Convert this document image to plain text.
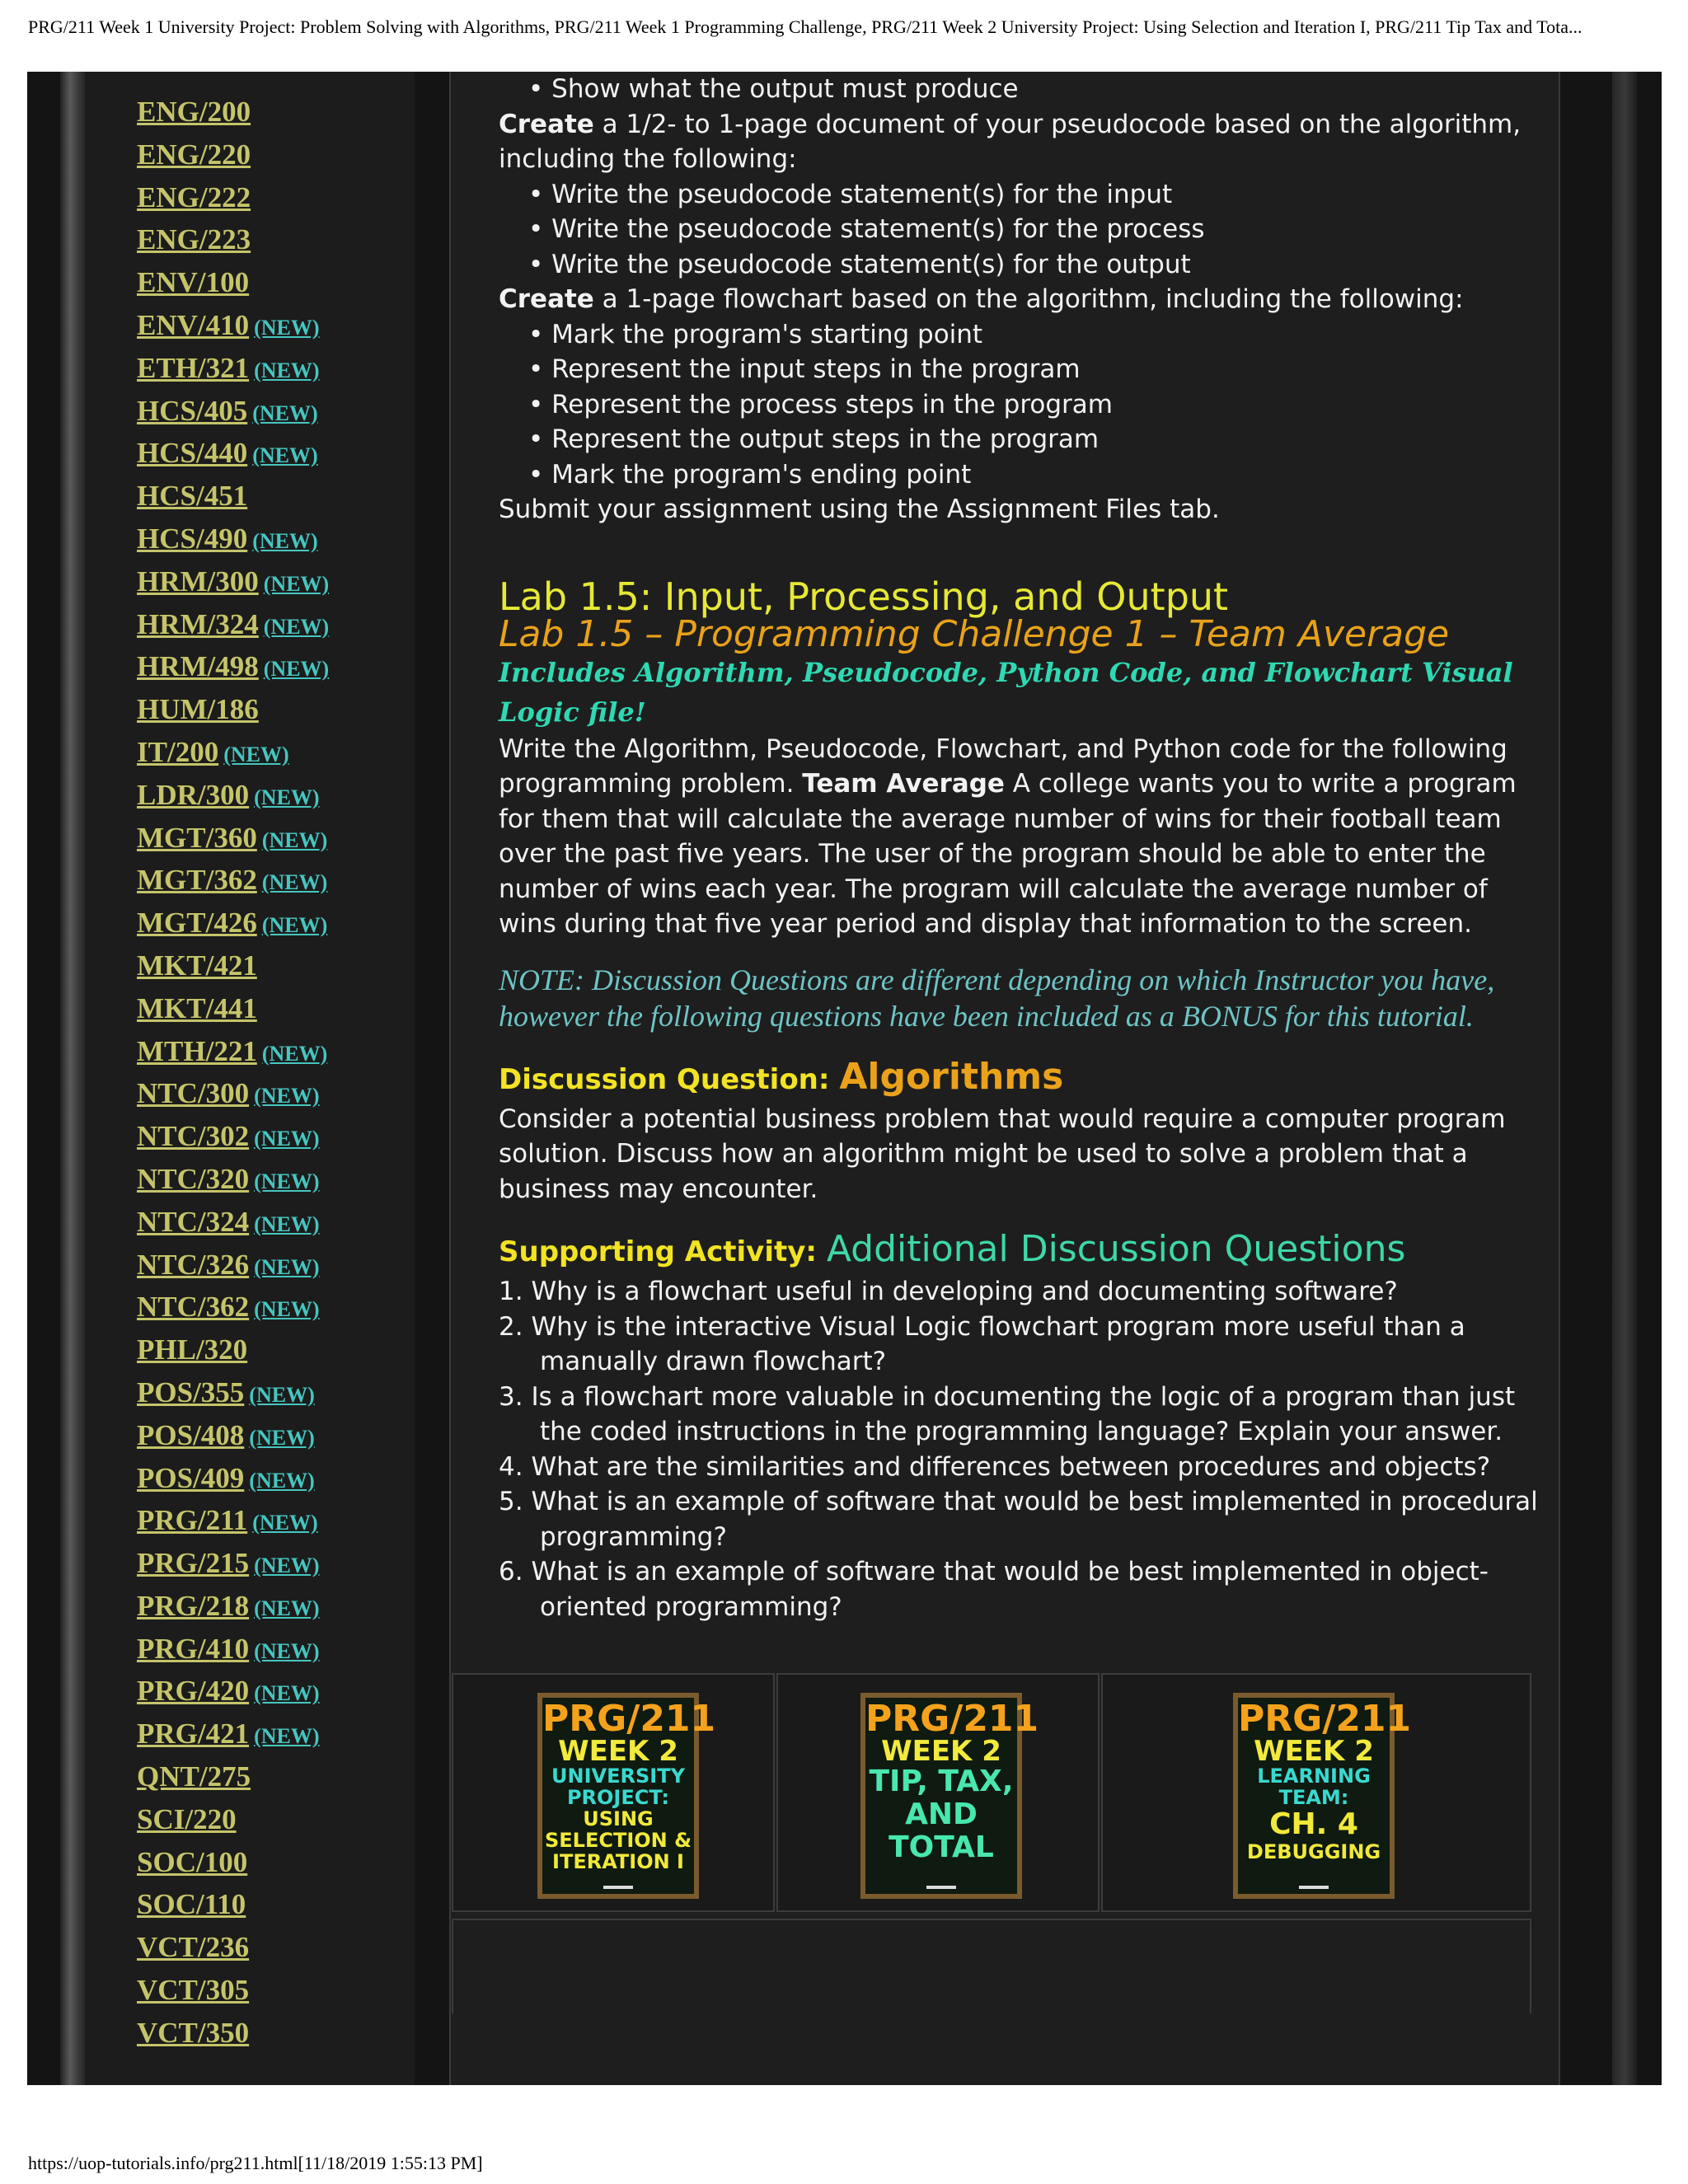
PRG/211 Week 1 University Project: Problem Solving with Algorithms, PRG/211 Week 1 Programming Challenge, PRG/211 Week 2 University Project: Using Selection and Iteration I, PRG/211 Tip Tax and Tota...
ENG/200
ENG/220
ENG/222
ENG/223
ENV/100
ENV/410 (NEW)
ETH/321 (NEW)
HCS/405 (NEW)
HCS/440 (NEW)
HCS/451
HCS/490 (NEW)
HRM/300 (NEW)
HRM/324 (NEW)
HRM/498 (NEW)
HUM/186
IT/200 (NEW)
LDR/300 (NEW)
MGT/360 (NEW)
MGT/362 (NEW)
MGT/426 (NEW)
MKT/421
MKT/441
MTH/221 (NEW)
NTC/300 (NEW)
NTC/302 (NEW)
NTC/320 (NEW)
NTC/324 (NEW)
NTC/326 (NEW)
NTC/362 (NEW)
PHL/320
POS/355 (NEW)
POS/408 (NEW)
POS/409 (NEW)
PRG/211 (NEW)
PRG/215 (NEW)
PRG/218 (NEW)
PRG/410 (NEW)
PRG/420 (NEW)
PRG/421 (NEW)
QNT/275
SCI/220
SOC/100
SOC/110
VCT/236
VCT/305
VCT/350

• Show what the output must produce

Create a 1/2- to 1-page document of your pseudocode based on the algorithm, including the following:

• Write the pseudocode statement(s) for the input

• Write the pseudocode statement(s) for the process

• Write the pseudocode statement(s) for the output

Create a 1-page flowchart based on the algorithm, including the following:

• Mark the program's starting point

• Represent the input steps in the program

• Represent the process steps in the program

• Represent the output steps in the program

• Mark the program's ending point

Submit your assignment using the Assignment Files tab.

Lab 1.5: Input, Processing, and Output

Lab 1.5 – Programming Challenge 1 – Team Average

Includes Algorithm, Pseudocode, Python Code, and Flowchart Visual Logic file!

Write the Algorithm, Pseudocode, Flowchart, and Python code for the following programming problem. Team Average A college wants you to write a program for them that will calculate the average number of wins for their football team over the past five years. The user of the program should be able to enter the number of wins each year. The program will calculate the average number of wins during that five year period and display that information to the screen.

NOTE: Discussion Questions are different depending on which Instructor you have, however the following questions have been included as a BONUS for this tutorial.

Discussion Question: Algorithms

Consider a potential business problem that would require a computer program solution. Discuss how an algorithm might be used to solve a problem that a business may encounter.

Supporting Activity: Additional Discussion Questions

1. Why is a flowchart useful in developing and documenting software?

2. Why is the interactive Visual Logic flowchart program more useful than a
manually drawn flowchart?

3. Is a flowchart more valuable in documenting the logic of a program than just
the coded instructions in the programming language? Explain your answer.

4. What are the similarities and differences between procedures and objects?

5. What is an example of software that would be best implemented in procedural
programming?

6. What is an example of software that would be best implemented in object-
oriented programming?

PRG/211
WEEK 2
UNIVERSITY
PROJECT:
USING
SELECTION &
ITERATION I
PRG/211
WEEK 2
TIP, TAX,
AND
TOTAL
PRG/211
WEEK 2
LEARNING TEAM:
CH. 4
DEBUGGING
https://uop-tutorials.info/prg211.html[11/18/2019 1:55:13 PM]
